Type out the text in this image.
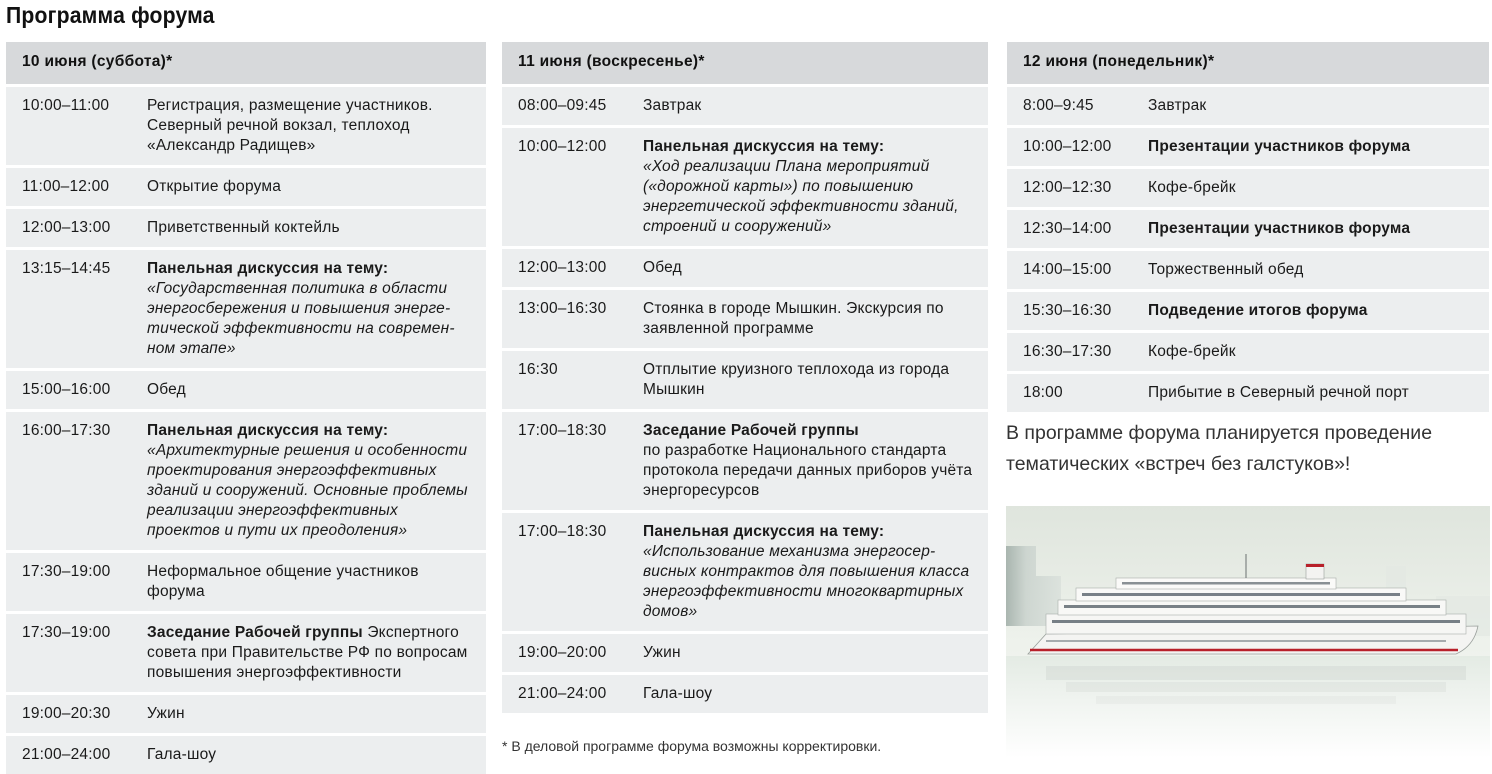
Программа форума
10 июня (суббота)*
10:00–11:00	Регистрация, размещение участников. Северный речной вокзал, теплоход «Александр Радищев»
11:00–12:00	Открытие форума
12:00–13:00	Приветственный коктейль
13:15–14:45	Панельная дискуссия на тему:
«Государственная политика в области энергосбережения и повышения энергетической эффективности на современном этапе»
15:00–16:00	Обед
16:00–17:30	Панельная дискуссия на тему:
«Архитектурные решения и особенности проектирования энергоэффективных зданий и сооружений. Основные проблемы реализации энергоэффективных проектов и пути их преодоления»
17:30–19:00	Неформальное общение участников форума
17:30–19:00	Заседание Рабочей группы Экспертного совета при Правительстве РФ по вопросам повышения энергоэффективности
19:00–20:30	Ужин
21:00–24:00	Гала-шоу
11 июня (воскресенье)*
08:00–09:45	Завтрак
10:00–12:00	Панельная дискуссия на тему:
«Ход реализации Плана мероприятий («дорожной карты») по повышению энергетической эффективности зданий, строений и сооружений»
12:00–13:00	Обед
13:00–16:30	Стоянка в городе Мышкин. Экскурсия по заявленной программе
16:30	Отплытие круизного теплохода из города Мышкин
17:00–18:30	Заседание Рабочей группы
по разработке Национального стандарта протокола передачи данных приборов учёта энергоресурсов
17:00–18:30	Панельная дискуссия на тему:
«Использование механизма энергосервисных контрактов для повышения класса энергоэффективности многоквартирных домов»
19:00–20:00	Ужин
21:00–24:00	Гала-шоу
12 июня (понедельник)*
8:00–9:45	Завтрак
10:00–12:00	Презентации участников форума
12:00–12:30	Кофе-брейк
12:30–14:00	Презентации участников форума
14:00–15:00	Торжественный обед
15:30–16:30	Подведение итогов форума
16:30–17:30	Кофе-брейк
18:00	Прибытие в Северный речной порт

В программе форума планируется проведение тематических «встреч без галстуков»!

* В деловой программе форума возможны корректировки.
